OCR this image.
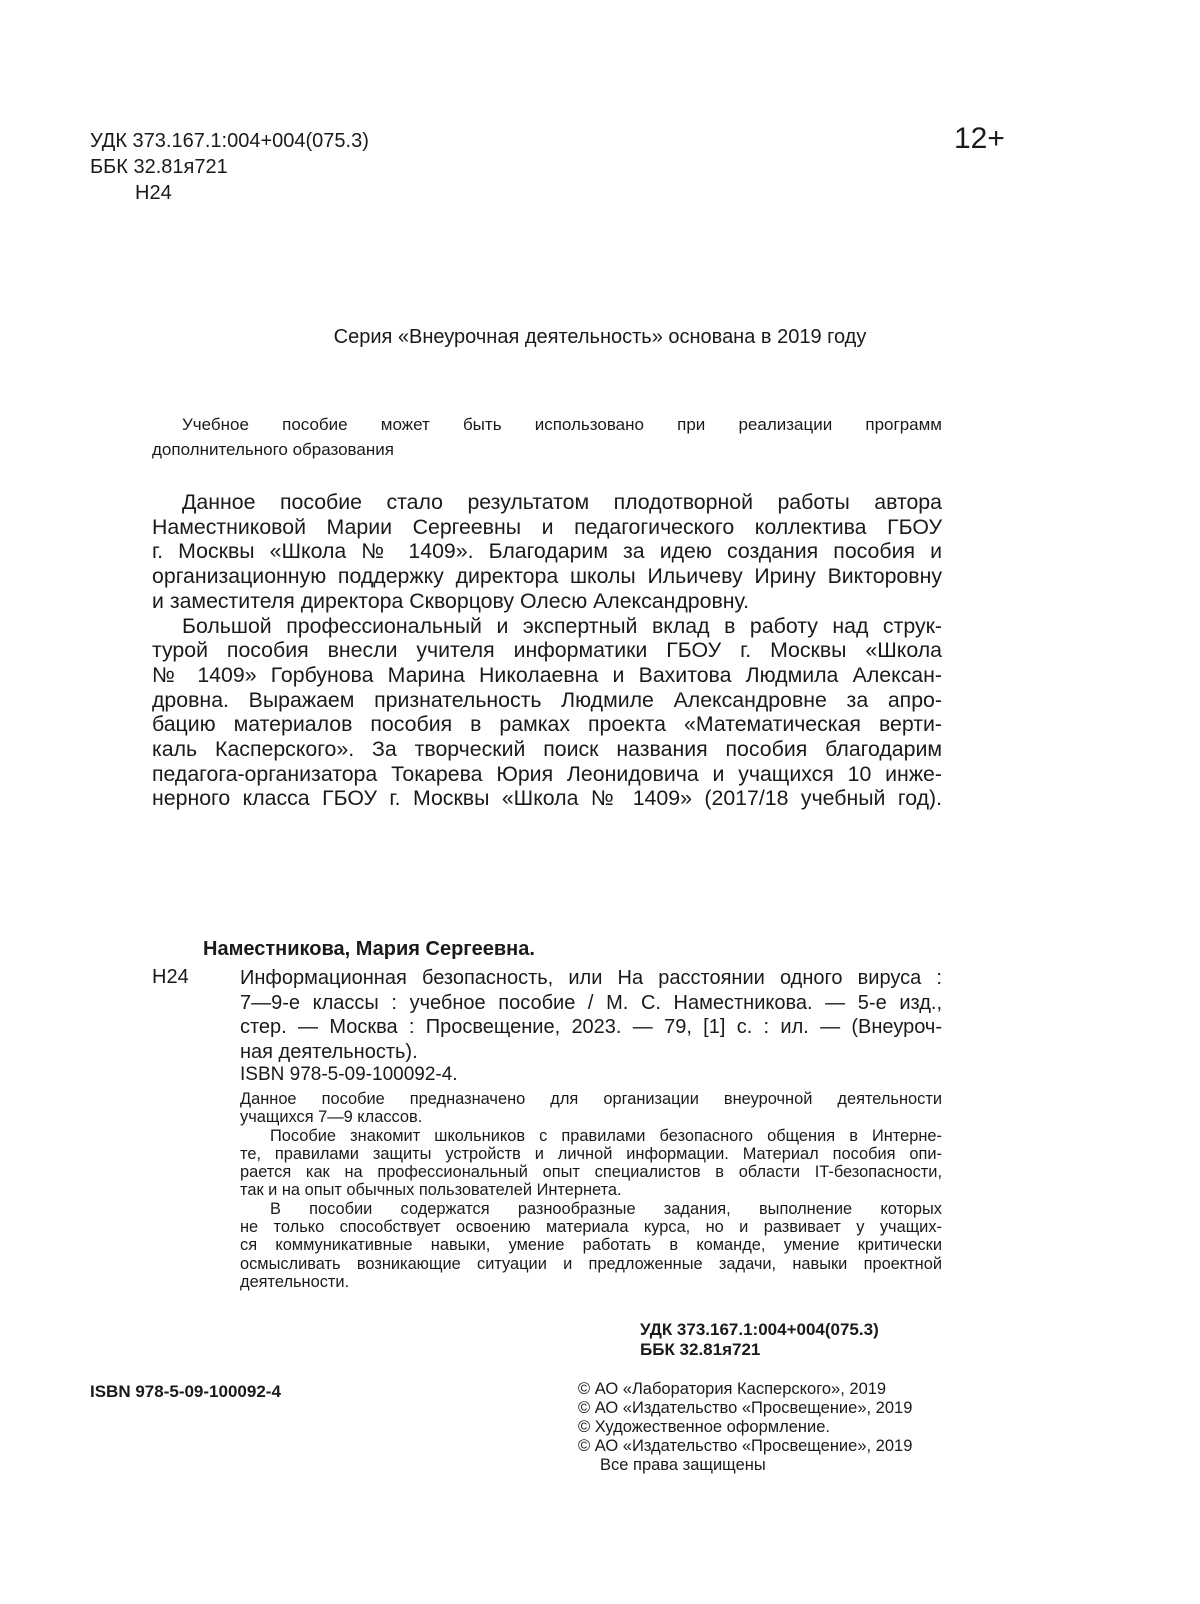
УДК 373.167.1:004+004(075.3)
ББК 32.81я721
Н24
12+
Серия «Внеурочная деятельность» основана в 2019 году
Учебное пособие может быть использовано при реализации программ
дополнительного образования
Данное пособие стало результатом плодотворной работы автора
Наместниковой Марии Сергеевны и педагогического коллектива ГБОУ
г. Москвы «Школа № 1409». Благодарим за идею создания пособия и
организационную поддержку директора школы Ильичеву Ирину Викторовну
и заместителя директора Скворцову Олесю Александровну.
Большой профессиональный и экспертный вклад в работу над струк-
турой пособия внесли учителя информатики ГБОУ г. Москвы «Школа
№ 1409» Горбунова Марина Николаевна и Вахитова Людмила Алексан-
дровна. Выражаем признательность Людмиле Александровне за апро-
бацию материалов пособия в рамках проекта «Математическая верти-
каль Касперского». За творческий поиск названия пособия благодарим
педагога-организатора Токарева Юрия Леонидовича и учащихся 10 инже-
нерного класса ГБОУ г. Москвы «Школа № 1409» (2017/18 учебный год).
Наместникова, Мария Сергеевна.
Н24	Информационная безопасность, или На расстоянии одного вируса :
7—9-е классы : учебное пособие / М. С. Наместникова. — 5-е изд.,
стер. — Москва : Просвещение, 2023. — 79, [1] с. : ил. — (Внеуроч-
ная деятельность).
ISBN 978-5-09-100092-4.
Данное пособие предназначено для организации внеурочной деятельности
учащихся 7—9 классов.
Пособие знакомит школьников с правилами безопасного общения в Интерне-
те, правилами защиты устройств и личной информации. Материал пособия опи-
рается как на профессиональный опыт специалистов в области IT-безопасности,
так и на опыт обычных пользователей Интернета.
В пособии содержатся разнообразные задания, выполнение которых
не только способствует освоению материала курса, но и развивает у учащих-
ся коммуникативные навыки, умение работать в команде, умение критически
осмысливать возникающие ситуации и предложенные задачи, навыки проектной
деятельности.
УДК 373.167.1:004+004(075.3)
ББК 32.81я721
ISBN 978-5-09-100092-4	© АО «Лаборатория Касперского», 2019
© АО «Издательство «Просвещение», 2019
© Художественное оформление.
© АО «Издательство «Просвещение», 2019
Все права защищены
